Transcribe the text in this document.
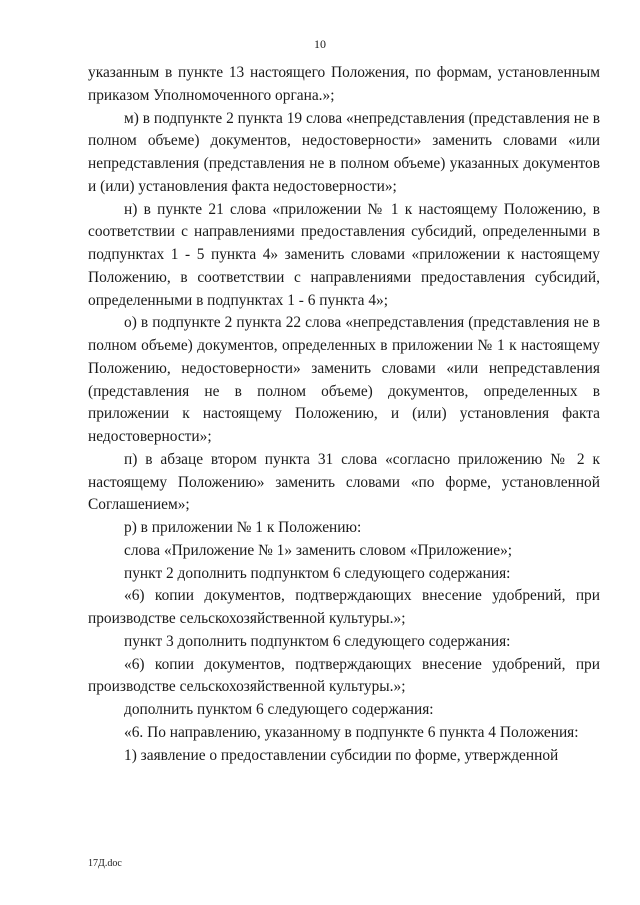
10

указанным в пункте 13 настоящего Положения, по формам, установленным приказом Уполномоченного органа.»;

м) в подпункте 2 пункта 19 слова «непредставления (представления не в полном объеме) документов, недостоверности» заменить словами «или непредставления (представления не в полном объеме) указанных документов и (или) установления факта недостоверности»;

н) в пункте 21 слова «приложении № 1 к настоящему Положению, в соответствии с направлениями предоставления субсидий, определенными в подпунктах 1 - 5 пункта 4» заменить словами «приложении к настоящему Положению, в соответствии с направлениями предоставления субсидий, определенными в подпунктах 1 - 6 пункта 4»;

о) в подпункте 2 пункта 22 слова «непредставления (представления не в полном объеме) документов, определенных в приложении № 1 к настоящему Положению, недостоверности» заменить словами «или непредставления (представления не в полном объеме) документов, определенных в приложении к настоящему Положению, и (или) установления факта недостоверности»;

п) в абзаце втором пункта 31 слова «согласно приложению № 2 к настоящему Положению» заменить словами «по форме, установленной Соглашением»;

р) в приложении № 1 к Положению:

слова «Приложение № 1» заменить словом «Приложение»;

пункт 2 дополнить подпунктом 6 следующего содержания:

«6) копии документов, подтверждающих внесение удобрений, при производстве сельскохозяйственной культуры.»;

пункт 3 дополнить подпунктом 6 следующего содержания:

«6) копии документов, подтверждающих внесение удобрений, при производстве сельскохозяйственной культуры.»;

дополнить пунктом 6 следующего содержания:

«6. По направлению, указанному в подпункте 6 пункта 4 Положения:

1) заявление о предоставлении субсидии по форме, утвержденной

17Д.doc
